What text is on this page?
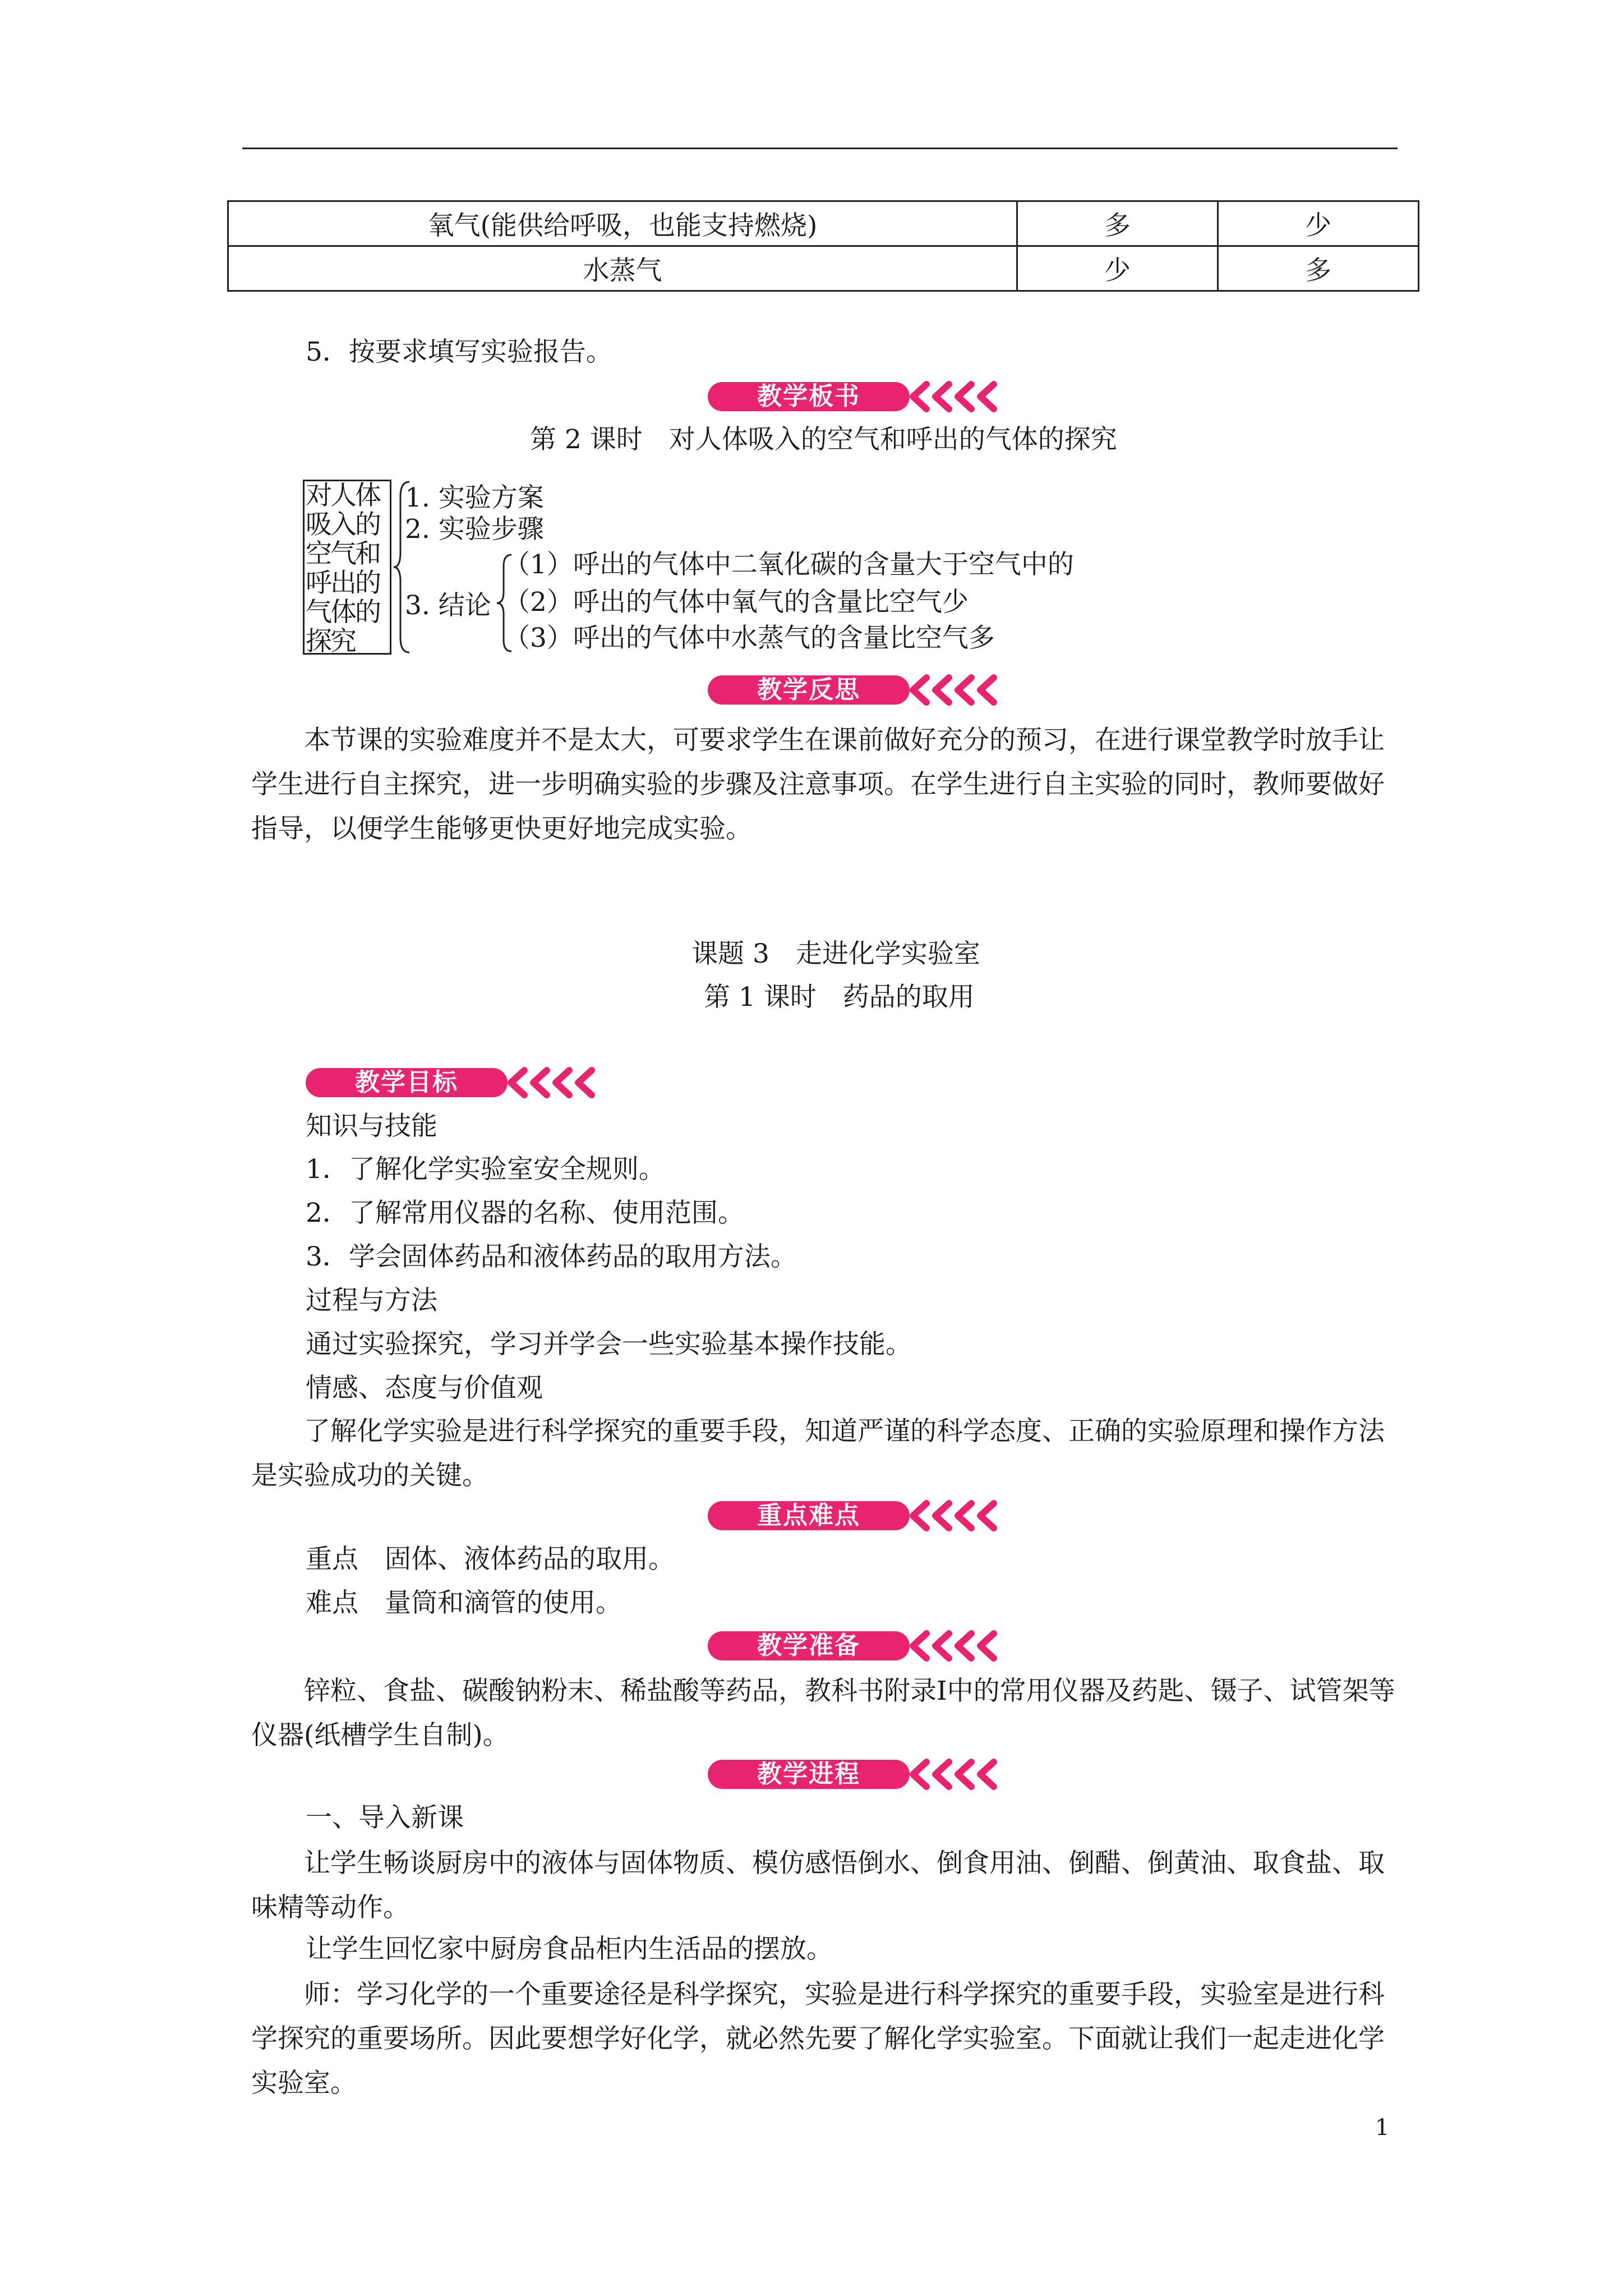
氧气(能供给呼吸，也能支持燃烧)	多	少
水蒸气	少	多
5．按要求填写实验报告。
教学板书
第 2 课时　对人体吸入的空气和呼出的气体的探究
对人体
吸入的
空气和
呼出的
气体的
探究
1. 实验方案
2. 实验步骤
3. 结论
（1）呼出的气体中二氧化碳的含量大于空气中的
（2）呼出的气体中氧气的含量比空气少
（3）呼出的气体中水蒸气的含量比空气多
教学反思
本节课的实验难度并不是太大，可要求学生在课前做好充分的预习，在进行课堂教学时放手让学生进行自主探究，进一步明确实验的步骤及注意事项。在学生进行自主实验的同时，教师要做好指导，以便学生能够更快更好地完成实验。
课题 3　走进化学实验室
第 1 课时　药品的取用
教学目标
知识与技能
1．了解化学实验室安全规则。
2．了解常用仪器的名称、使用范围。
3．学会固体药品和液体药品的取用方法。
过程与方法
通过实验探究，学习并学会一些实验基本操作技能。
情感、态度与价值观
了解化学实验是进行科学探究的重要手段，知道严谨的科学态度、正确的实验原理和操作方法是实验成功的关键。
重点难点
重点　固体、液体药品的取用。
难点　量筒和滴管的使用。
教学准备
锌粒、食盐、碳酸钠粉末、稀盐酸等药品，教科书附录Ⅰ中的常用仪器及药匙、镊子、试管架等仪器(纸槽学生自制)。
教学进程
一、导入新课
让学生畅谈厨房中的液体与固体物质、模仿感悟倒水、倒食用油、倒醋、倒黄油、取食盐、取味精等动作。
让学生回忆家中厨房食品柜内生活品的摆放。
师：学习化学的一个重要途径是科学探究，实验是进行科学探究的重要手段，实验室是进行科学探究的重要场所。因此要想学好化学，就必然先要了解化学实验室。下面就让我们一起走进化学实验室。
1
